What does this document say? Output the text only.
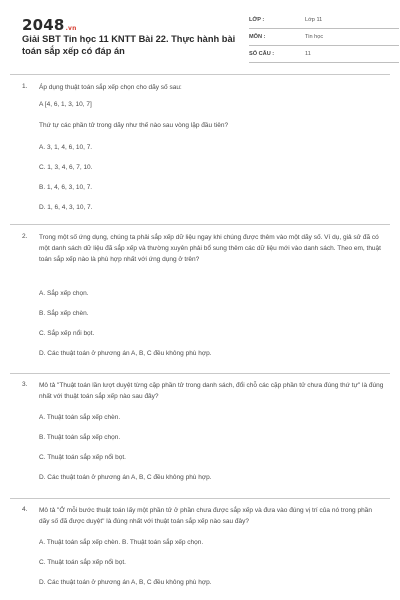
2048.vn
Giải SBT Tin học 11 KNTT Bài 22. Thực hành bài toán sắp xếp có đáp án
LỚP :	Lớp 11
MÔN :	Tin học
SỐ CÂU :	11
1. Áp dụng thuật toán sắp xếp chọn cho dãy số sau:
A [4, 6, 1, 3, 10, 7]
Thứ tự các phần tử trong dãy như thế nào sau vòng lặp đầu tiên?
A. 3, 1, 4, 6, 10, 7.
C. 1, 3, 4, 6, 7, 10.
B. 1, 4, 6, 3, 10, 7.
D. 1, 6, 4, 3, 10, 7.
2. Trong một số ứng dụng, chúng ta phải sắp xếp dữ liệu ngay khi chúng được thêm vào một dãy số. Ví dụ, giả sử đã có một danh sách dữ liệu đã sắp xếp và thường xuyên phải bổ sung thêm các dữ liệu mới vào danh sách. Theo em, thuật toán sắp xếp nào là phù hợp nhất với ứng dụng ở trên?
A. Sắp xếp chọn.
B. Sắp xếp chèn.
C. Sắp xếp nổi bọt.
D. Các thuật toán ở phương án A, B, C đều không phù hợp.
3. Mô tả "Thuật toán lần lượt duyệt từng cặp phần tử trong danh sách, đổi chỗ các cặp phần tử chưa đúng thứ tự" là đúng nhất với thuật toán sắp xếp nào sau đây?
A. Thuật toán sắp xếp chèn.
B. Thuật toán sắp xếp chọn.
C. Thuật toán sắp xếp nổi bọt.
D. Các thuật toán ở phương án A, B, C đều không phù hợp.
4. Mô tả "Ở mỗi bước thuật toán lấy một phần tử ở phần chưa được sắp xếp và đưa vào đúng vị trí của nó trong phần dãy số đã được duyệt" là đúng nhất với thuật toán sắp xếp nào sau đây?
A. Thuật toán sắp xếp chèn. B. Thuật toán sắp xếp chọn.
C. Thuật toán sắp xếp nổi bọt.
D. Các thuật toán ở phương án A, B, C đều không phù hợp.
